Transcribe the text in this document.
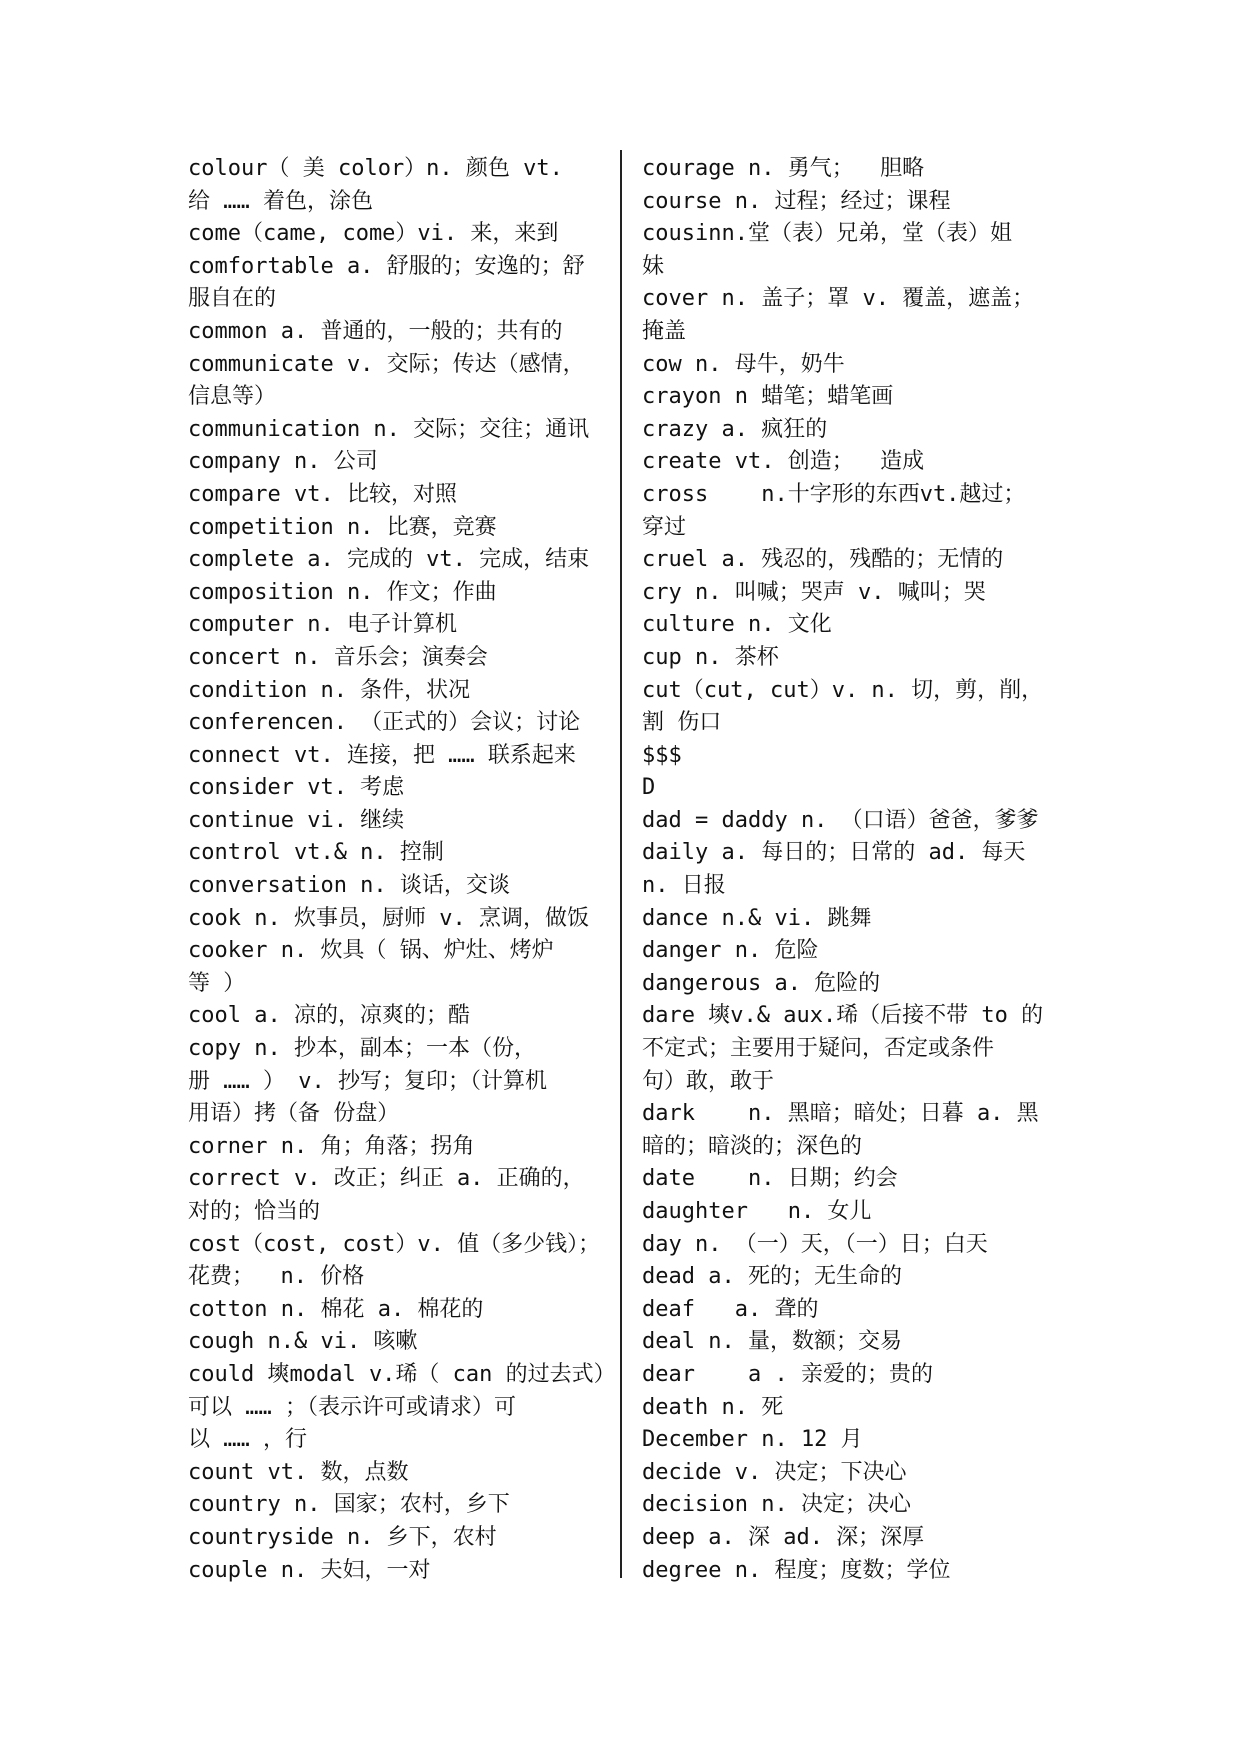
colour（ 美 color）n. 颜色 vt.
给 …… 着色，涂色
come（came, come）vi. 来，来到
comfortable a. 舒服的；安逸的；舒
服自在的
common a. 普通的，一般的；共有的
communicate v. 交际；传达（感情，
信息等）
communication n. 交际；交往；通讯
company n. 公司
compare vt. 比较，对照
competition n. 比赛，竞赛
complete a. 完成的 vt. 完成，结束
composition n. 作文；作曲
computer n. 电子计算机
concert n. 音乐会；演奏会
condition n. 条件，状况
conferencen. （正式的）会议；讨论
connect vt. 连接，把 …… 联系起来
consider vt. 考虑
continue vi. 继续
control vt.& n. 控制
conversation n. 谈话，交谈
cook n. 炊事员，厨师 v. 烹调，做饭
cooker n. 炊具（ 锅、炉灶、烤炉
等 ）
cool a. 凉的，凉爽的；酷
copy n. 抄本，副本；一本（份，
册 …… ） v. 抄写；复印；（计算机
用语）拷（备 份盘）
corner n. 角；角落；拐角
correct v. 改正；纠正 a. 正确的，
对的；恰当的
cost（cost, cost）v. 值（多少钱）；
花费；  n. 价格
cotton n. 棉花 a. 棉花的
cough n.& vi. 咳嗽
could 塽modal v.琋（ can 的过去式）
可以 …… ；（表示许可或请求）可
以 …… ，行
count vt. 数，点数
country n. 国家；农村，乡下
countryside n. 乡下，农村
couple n. 夫妇，一对
courage n. 勇气；  胆略
course n. 过程；经过；课程
cousinn.堂（表）兄弟，堂（表）姐
妹
cover n. 盖子；罩 v. 覆盖，遮盖；
掩盖
cow n. 母牛，奶牛
crayon n 蜡笔；蜡笔画
crazy a. 疯狂的
create vt. 创造；  造成
cross    n.十字形的东西vt.越过；
穿过
cruel a. 残忍的，残酷的；无情的
cry n. 叫喊；哭声 v. 喊叫；哭
culture n. 文化
cup n. 茶杯
cut（cut, cut）v. n. 切，剪，削，
割 伤口
$$$
D
dad = daddy n. （口语）爸爸，爹爹
daily a. 每日的；日常的 ad. 每天
n. 日报
dance n.& vi. 跳舞
danger n. 危险
dangerous a. 危险的
dare 塽v.& aux.琋（后接不带 to 的
不定式；主要用于疑问，否定或条件
句）敢，敢于
dark    n. 黑暗；暗处；日暮 a. 黑
暗的；暗淡的；深色的
date    n. 日期；约会
daughter   n. 女儿
day n. （一）天，（一）日；白天
dead a. 死的；无生命的
deaf   a. 聋的
deal n. 量，数额；交易
dear    a . 亲爱的；贵的
death n. 死
December n. 12 月
decide v. 决定；下决心
decision n. 决定；决心
deep a. 深 ad. 深；深厚
degree n. 程度；度数；学位
